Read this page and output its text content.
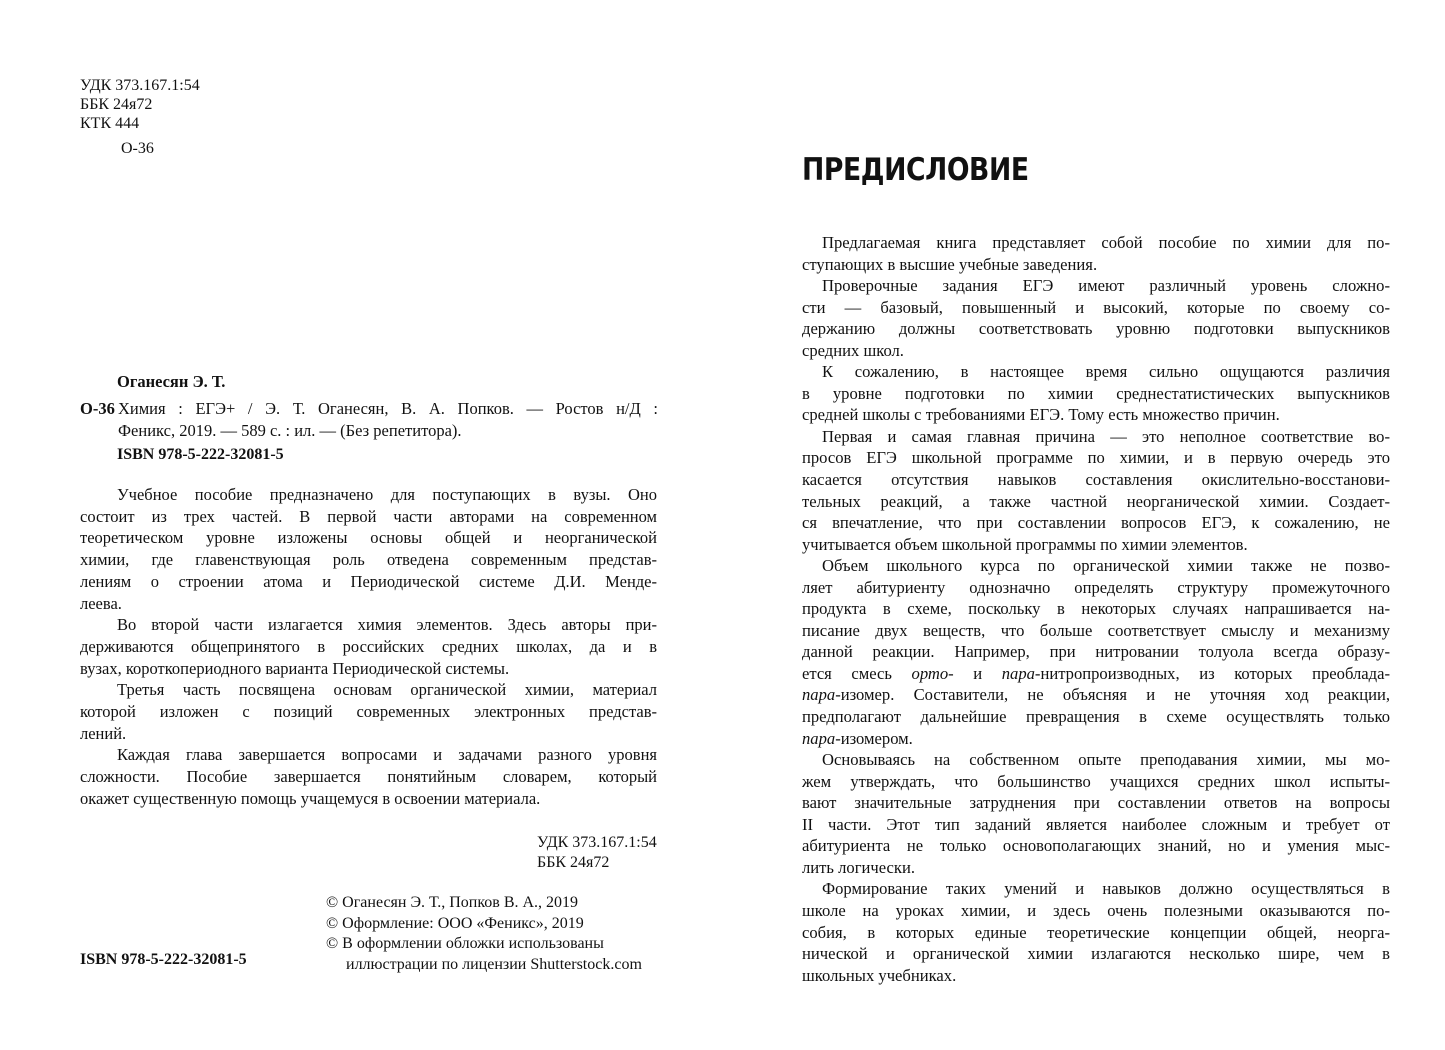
УДК 373.167.1:54
ББК 24я72
КТК 444
О-36
Оганесян Э. Т.
О-36 Химия : ЕГЭ+ / Э. Т. Оганесян, В. А. Попков. — Ростов н/Д :
Феникс, 2019. — 589 с. : ил. — (Без репетитора).
ISBN 978-5-222-32081-5
Учебное пособие предназначено для поступающих в вузы. Оно
состоит из трех частей. В первой части авторами на современном
теоретическом уровне изложены основы общей и неорганической
химии, где главенствующая роль отведена современным представ-
лениям о строении атома и Периодической системе Д.И. Менде-
леева.
Во второй части излагается химия элементов. Здесь авторы при-
держиваются общепринятого в российских средних школах, да и в
вузах, короткопериодного варианта Периодической системы.
Третья часть посвящена основам органической химии, материал
которой изложен с позиций современных электронных представ-
лений.
Каждая глава завершается вопросами и задачами разного уровня
сложности. Пособие завершается понятийным словарем, который
окажет существенную помощь учащемуся в освоении материала.
УДК 373.167.1:54
ББК 24я72
© Оганесян Э. Т., Попков В. А., 2019
© Оформление: ООО «Феникс», 2019
© В оформлении обложки использованы
иллюстрации по лицензии Shutterstock.com
ISBN 978-5-222-32081-5
ПРЕДИСЛОВИЕ
Предлагаемая книга представляет собой пособие по химии для по-
ступающих в высшие учебные заведения.
Проверочные задания ЕГЭ имеют различный уровень сложно-
сти — базовый, повышенный и высокий, которые по своему со-
держанию должны соответствовать уровню подготовки выпускников
средних школ.
К сожалению, в настоящее время сильно ощущаются различия
в уровне подготовки по химии среднестатистических выпускников
средней школы с требованиями ЕГЭ. Тому есть множество причин.
Первая и самая главная причина — это неполное соответствие во-
просов ЕГЭ школьной программе по химии, и в первую очередь это
касается отсутствия навыков составления окислительно-восстанови-
тельных реакций, а также частной неорганической химии. Создает-
ся впечатление, что при составлении вопросов ЕГЭ, к сожалению, не
учитывается объем школьной программы по химии элементов.
Объем школьного курса по органической химии также не позво-
ляет абитуриенту однозначно определять структуру промежуточного
продукта в схеме, поскольку в некоторых случаях напрашивается на-
писание двух веществ, что больше соответствует смыслу и механизму
данной реакции. Например, при нитровании толуола всегда образу-
ется смесь орто- и пара-нитропроизводных, из которых преоблада-
пара-изомер. Составители, не объясняя и не уточняя ход реакции,
предполагают дальнейшие превращения в схеме осуществлять только
пара-изомером.
Основываясь на собственном опыте преподавания химии, мы мо-
жем утверждать, что большинство учащихся средних школ испыты-
вают значительные затруднения при составлении ответов на вопросы
II части. Этот тип заданий является наиболее сложным и требует от
абитуриента не только основополагающих знаний, но и умения мыс-
лить логически.
Формирование таких умений и навыков должно осуществляться в
школе на уроках химии, и здесь очень полезными оказываются по-
собия, в которых единые теоретические концепции общей, неорга-
нической и органической химии излагаются несколько шире, чем в
школьных учебниках.
